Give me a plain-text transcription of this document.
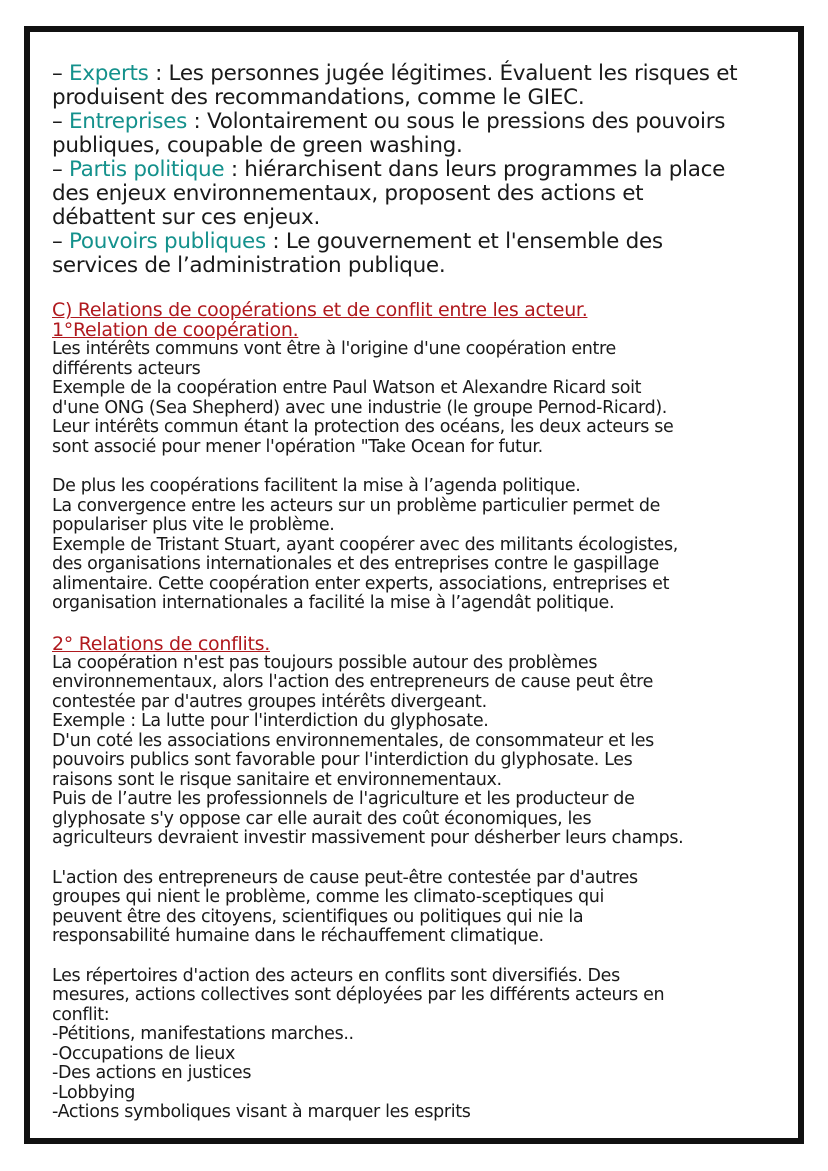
– Experts : Les personnes jugée légitimes. Évaluent les risques et
produisent des recommandations, comme le GIEC.
– Entreprises : Volontairement ou sous le pressions des pouvoirs
publiques, coupable de green washing.
– Partis politique : hiérarchisent dans leurs programmes la place
des enjeux environnementaux, proposent des actions et
débattent sur ces enjeux.
– Pouvoirs publiques : Le gouvernement et l'ensemble des
services de l’administration publique.
C) Relations de coopérations et de conflit entre les acteur.
1°Relation de coopération.
Les intérêts communs vont être à l'origine d'une coopération entre
différents acteurs
Exemple de la coopération entre Paul Watson et Alexandre Ricard soit
d'une ONG (Sea Shepherd) avec une industrie (le groupe Pernod-Ricard).
Leur intérêts commun étant la protection des océans, les deux acteurs se
sont associé pour mener l'opération "Take Ocean for futur.
De plus les coopérations facilitent la mise à l’agenda politique.
La convergence entre les acteurs sur un problème particulier permet de
populariser plus vite le problème.
Exemple de Tristant Stuart, ayant coopérer avec des militants écologistes,
des organisations internationales et des entreprises contre le gaspillage
alimentaire. Cette coopération enter experts, associations, entreprises et
organisation internationales a facilité la mise à l’agendât politique.
2° Relations de conflits.
La coopération n'est pas toujours possible autour des problèmes
environnementaux, alors l'action des entrepreneurs de cause peut être
contestée par d'autres groupes intérêts divergeant.
Exemple : La lutte pour l'interdiction du glyphosate.
D'un coté les associations environnementales, de consommateur et les
pouvoirs publics sont favorable pour l'interdiction du glyphosate. Les
raisons sont le risque sanitaire et environnementaux.
Puis de l’autre les professionnels de l'agriculture et les producteur de
glyphosate s'y oppose car elle aurait des coût économiques, les
agriculteurs devraient investir massivement pour désherber leurs champs.
L'action des entrepreneurs de cause peut-être contestée par d'autres
groupes qui nient le problème, comme les climato-sceptiques qui
peuvent être des citoyens, scientifiques ou politiques qui nie la
responsabilité humaine dans le réchauffement climatique.
Les répertoires d'action des acteurs en conflits sont diversifiés. Des
mesures, actions collectives sont déployées par les différents acteurs en
conflit:
-Pétitions, manifestations marches..
-Occupations de lieux
-Des actions en justices
-Lobbying
-Actions symboliques visant à marquer les esprits
